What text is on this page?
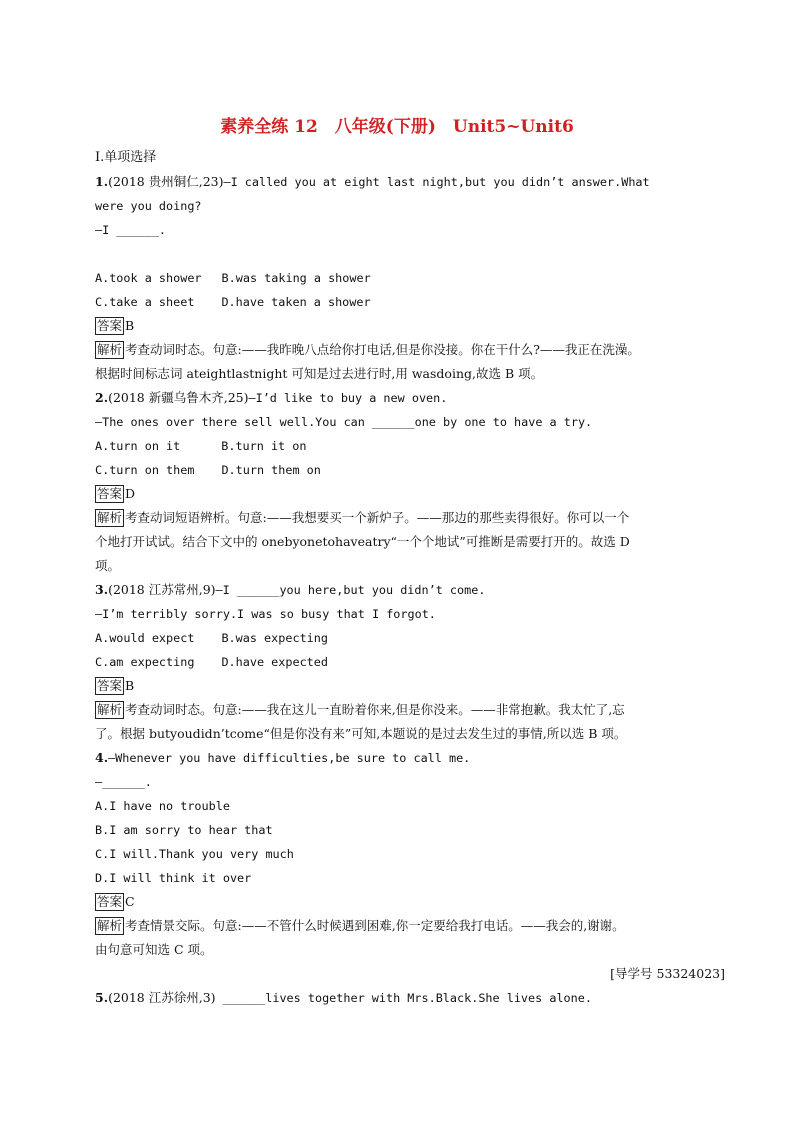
素养全练 12　八年级(下册)　Unit5~Unit6
Ⅰ.单项选择
1.(2018 贵州铜仁,23)—I called you at eight last night,but you didn’t answer.What
were you doing?
—I ______.

A.took a shower B.was taking a shower
C.take a sheet D.have taken a shower
答案 B
解析 考查动词时态。句意:——我昨晚八点给你打电话,但是你没接。你在干什么?——我正在洗澡。
根据时间标志词 ateightlastnight 可知是过去进行时,用 wasdoing,故选 B 项。
2.(2018 新疆乌鲁木齐,25)—I’d like to buy a new oven.
—The ones over there sell well.You can ______one by one to have a try.
A.turn on it	B.turn it on
C.turn on them D.turn them on
答案 D
解析 考查动词短语辨析。句意:——我想要买一个新炉子。——那边的那些卖得很好。你可以一个
个地打开试试。结合下文中的 onebyonetohaveatry“一个个地试”可推断是需要打开的。故选 D
项。
3.(2018 江苏常州,9)—I ______you here,but you didn’t come.
—I’m terribly sorry.I was so busy that I forgot.
A.would expect B.was expecting
C.am expecting D.have expected
答案 B
解析 考查动词时态。句意:——我在这儿一直盼着你来,但是你没来。——非常抱歉。我太忙了,忘
了。根据 butyoudidn’tcome“但是你没有来”可知,本题说的是过去发生过的事情,所以选 B 项。
4.—Whenever you have difficulties,be sure to call me.
—______.
A.I have no trouble
B.I am sorry to hear that
C.I will.Thank you very much
D.I will think it over
答案 C
解析 考查情景交际。句意:——不管什么时候遇到困难,你一定要给我打电话。——我会的,谢谢。
由句意可知选 C 项。
[导学号 53324023]
5.(2018 江苏徐州,3) ______lives together with Mrs.Black.She lives alone.
